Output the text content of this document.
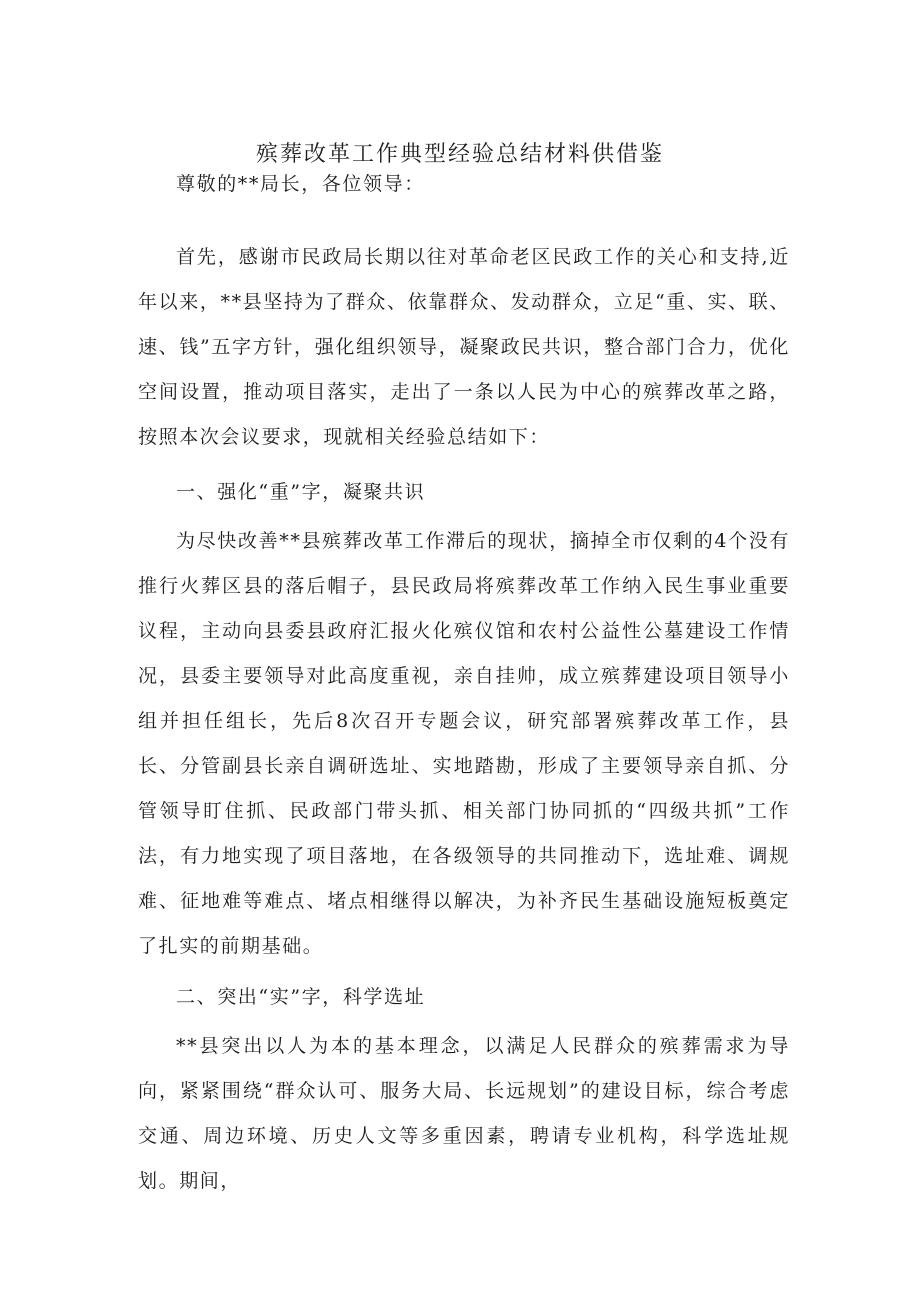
殡葬改革工作典型经验总结材料供借鉴

尊敬的**局长，各位领导：

首先，感谢市民政局长期以往对革命老区民政工作的关心和支持,近年以来，**县坚持为了群众、依靠群众、发动群众，立足“重、实、联、速、钱”五字方针，强化组织领导，凝聚政民共识，整合部门合力，优化空间设置，推动项目落实，走出了一条以人民为中心的殡葬改革之路，按照本次会议要求，现就相关经验总结如下：

一、强化“重”字，凝聚共识

为尽快改善**县殡葬改革工作滞后的现状，摘掉全市仅剩的4个没有推行火葬区县的落后帽子，县民政局将殡葬改革工作纳入民生事业重要议程，主动向县委县政府汇报火化殡仪馆和农村公益性公墓建设工作情况，县委主要领导对此高度重视，亲自挂帅，成立殡葬建设项目领导小组并担任组长，先后8次召开专题会议，研究部署殡葬改革工作，县长、分管副县长亲自调研选址、实地踏勘，形成了主要领导亲自抓、分管领导盯住抓、民政部门带头抓、相关部门协同抓的“四级共抓”工作法，有力地实现了项目落地，在各级领导的共同推动下，选址难、调规难、征地难等难点、堵点相继得以解决，为补齐民生基础设施短板奠定了扎实的前期基础。

二、突出“实”字，科学选址

**县突出以人为本的基本理念，以满足人民群众的殡葬需求为导向，紧紧围绕“群众认可、服务大局、长远规划”的建设目标，综合考虑交通、周边环境、历史人文等多重因素，聘请专业机构，科学选址规划。期间，
